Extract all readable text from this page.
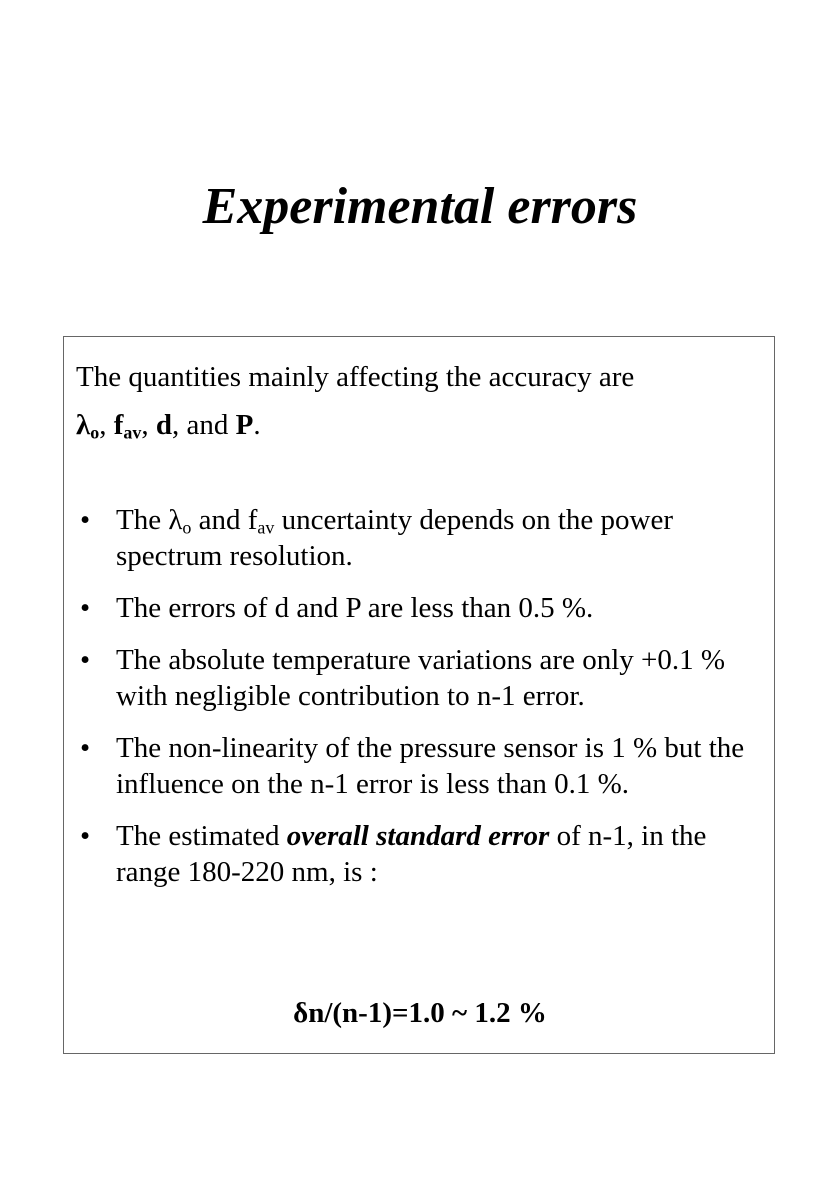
Experimental errors

The quantities mainly affecting the accuracy are

$\lambda_o$, $f_{av}$, d, and P.

• The $\lambda_o$ and $f_{av}$ uncertainty depends on the power spectrum resolution.
• The errors of d and P are less than 0.5 %.
• The absolute temperature variations are only +0.1 % with negligible contribution to n-1 error.
• The non-linearity of the pressure sensor is 1 % but the influence on the n-1 error is less than 0.1 %.
• The estimated overall standard error of n-1, in the range 180-220 nm, is :
δn/(n-1)=1.0 ~ 1.2 %
